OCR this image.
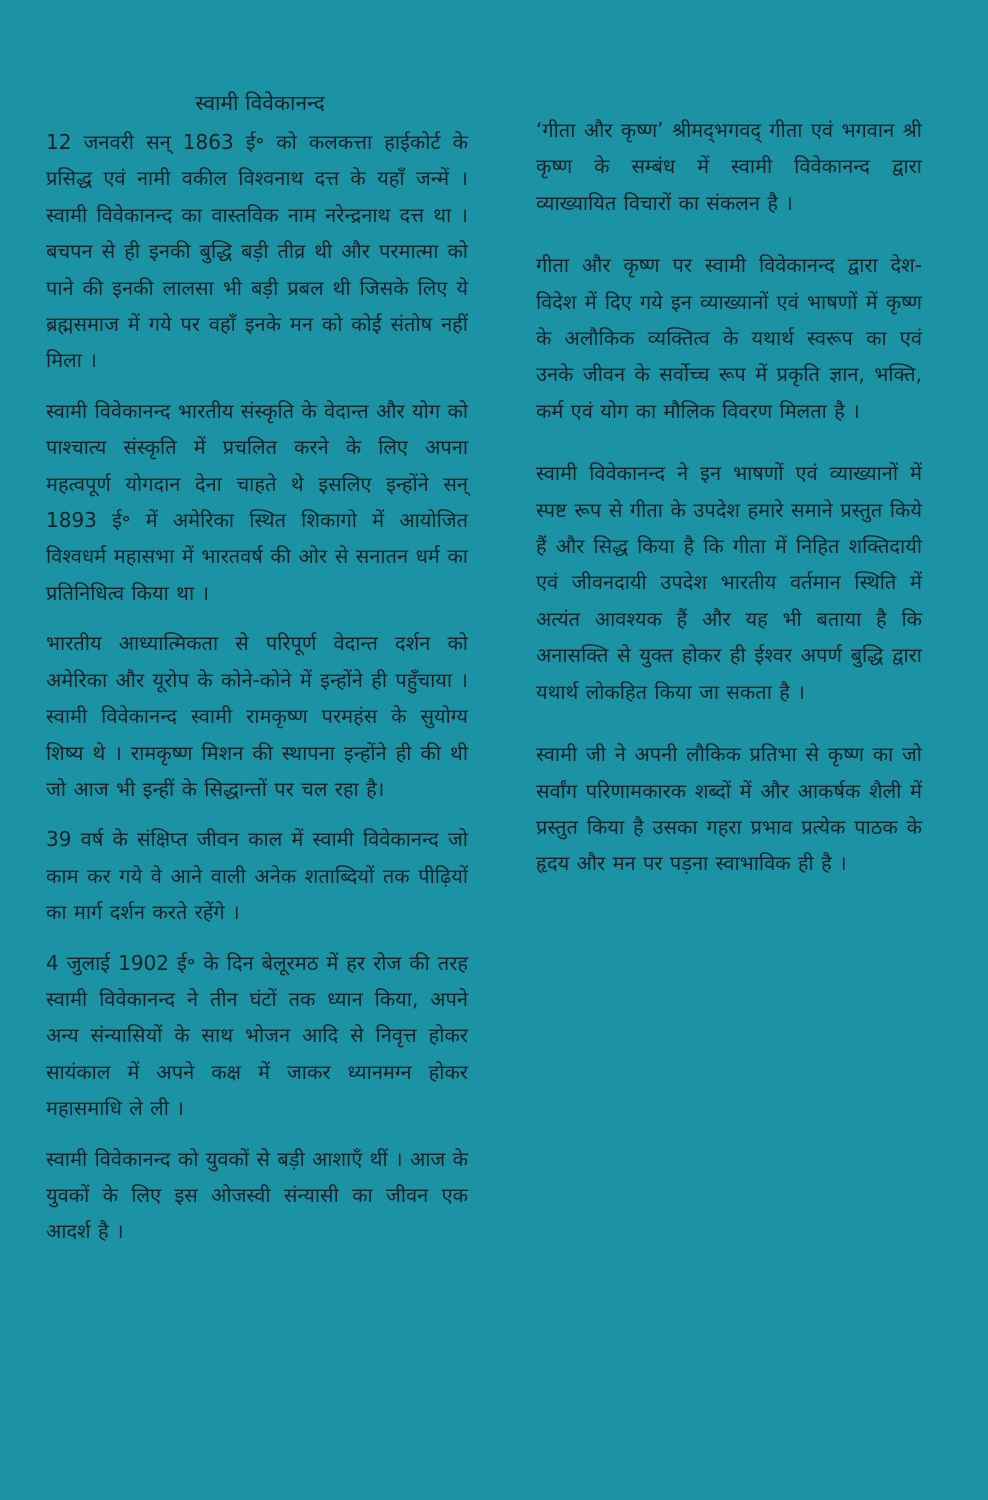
स्वामी विवेकानन्द

12 जनवरी सन् 1863 ई॰ को कलकत्ता हाईकोर्ट के प्रसिद्ध एवं नामी वकील विश्वनाथ दत्त के यहाँ जन्में । स्वामी विवेकानन्द का वास्तविक नाम नरेन्द्रनाथ दत्त था । बचपन से ही इनकी बुद्धि बड़ी तीव्र थी और परमात्मा को पाने की इनकी लालसा भी बड़ी प्रबल थी जिसके लिए ये ब्रह्मसमाज में गये पर वहाँ इनके मन को कोई संतोष नहीं मिला ।

स्वामी विवेकानन्द भारतीय संस्कृति के वेदान्त और योग को पाश्चात्य संस्कृति में प्रचलित करने के लिए अपना महत्वपूर्ण योगदान देना चाहते थे इसलिए इन्होंने सन् 1893 ई॰ में अमेरिका स्थित शिकागो में आयोजित विश्वधर्म महासभा में भारतवर्ष की ओर से सनातन धर्म का प्रतिनिधित्व किया था ।

भारतीय आध्यात्मिकता से परिपूर्ण वेदान्त दर्शन को अमेरिका और यूरोप के कोने-कोने में इन्होंने ही पहुँचाया । स्वामी विवेकानन्द स्वामी रामकृष्ण परमहंस के सुयोग्य शिष्य थे । रामकृष्ण मिशन की स्थापना इन्होंने ही की थी जो आज भी इन्हीं के सिद्धान्तों पर चल रहा है।

39 वर्ष के संक्षिप्त जीवन काल में स्वामी विवेकानन्द जो काम कर गये वे आने वाली अनेक शताब्दियों तक पीढ़ियों का मार्ग दर्शन करते रहेंगे ।

4 जुलाई 1902 ई॰ के दिन बेलूरमठ में हर रोज की तरह स्वामी विवेकानन्द ने तीन घंटों तक ध्यान किया, अपने अन्य संन्यासियों के साथ भोजन आदि से निवृत्त होकर सायंकाल में अपने कक्ष में जाकर ध्यानमग्न होकर महासमाधि ले ली ।

स्वामी विवेकानन्द को युवकों से बड़ी आशाएँ थीं । आज के युवकों के लिए इस ओजस्वी संन्यासी का जीवन एक आदर्श है ।

‘गीता और कृष्ण’ श्रीमद्‌भगवद्‌ गीता एवं भगवान श्री कृष्ण के सम्बंध में स्वामी विवेकानन्द द्वारा व्याख्यायित विचारों का संकलन है ।

गीता और कृष्ण पर स्वामी विवेकानन्द द्वारा देश-विदेश में दिए गये इन व्याख्यानों एवं भाषणों में कृष्ण के अलौकिक व्यक्तित्व के यथार्थ स्वरूप का एवं उनके जीवन के सर्वोच्च रूप में प्रकृति ज्ञान, भक्ति, कर्म एवं योग का मौलिक विवरण मिलता है ।

स्वामी विवेकानन्द ने इन भाषणों एवं व्याख्यानों में स्पष्ट रूप से गीता के उपदेश हमारे समाने प्रस्तुत किये हैं और सिद्ध किया है कि गीता में निहित शक्तिदायी एवं जीवनदायी उपदेश भारतीय वर्तमान स्थिति में अत्यंत आवश्यक हैं और यह भी बताया है कि अनासक्ति से युक्त होकर ही ईश्वर अपर्ण बुद्धि द्वारा यथार्थ लोकहित किया जा सकता है ।

स्वामी जी ने अपनी लौकिक प्रतिभा से कृष्ण का जो सर्वांग परिणामकारक शब्दों में और आकर्षक शैली में प्रस्तुत किया है उसका गहरा प्रभाव प्रत्येक पाठक के हृदय और मन पर पड़ना स्वाभाविक ही है ।
